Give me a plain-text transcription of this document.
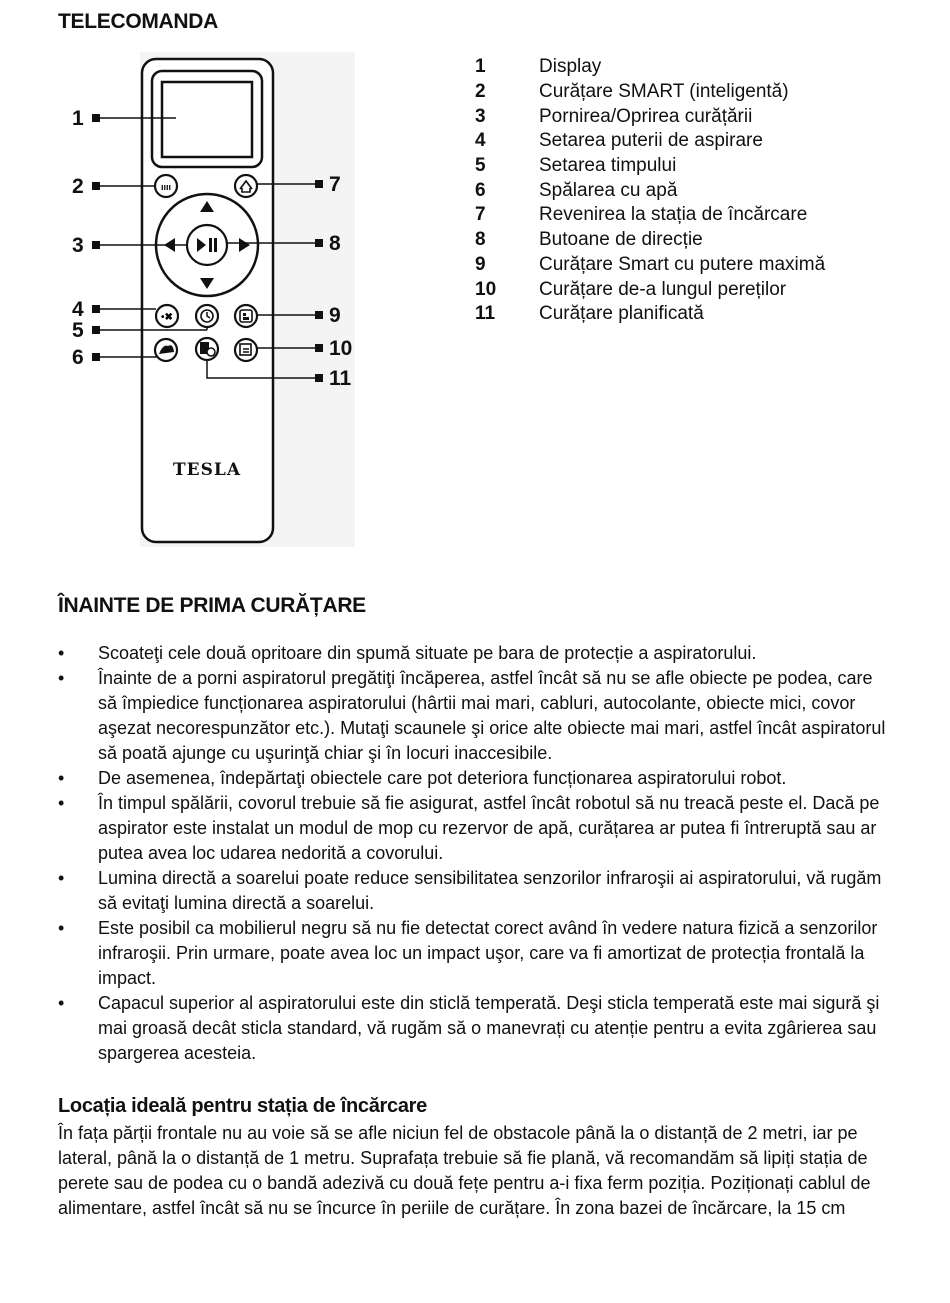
TELECOMANDA
ıııı
•✖
TESLA
1
2
3
4
5
6
7
8
9
10
11
1	Display
2	Curățare SMART (inteligentă)
3	Pornirea/Oprirea curățării
4	Setarea puterii de aspirare
5	Setarea timpului
6	Spălarea cu apă
7	Revenirea la stația de încărcare
8	Butoane de direcție
9	Curățare Smart cu putere maximă
10	Curățare de-a lungul pereților
11	Curățare planificată
ÎNAINTE DE PRIMA CURĂȚARE
• Scoateţi cele două opritoare din spumă situate pe bara de protecție a aspiratorului.
• Înainte de a porni aspiratorul pregătiţi încăperea, astfel încât să nu se afle obiecte pe podea, care să împiedice funcționarea aspiratorului (hârtii mai mari, cabluri, autocolante, obiecte mici, covor aşezat necorespunzător etc.). Mutaţi scaunele şi orice alte obiecte mai mari, astfel încât aspiratorul să poată ajunge cu uşurinţă chiar şi în locuri inaccesibile.
• De asemenea, îndepărtaţi obiectele care pot deteriora funcționarea aspiratorului robot.
• În timpul spălării, covorul trebuie să fie asigurat, astfel încât robotul să nu treacă peste el. Dacă pe aspirator este instalat un modul de mop cu rezervor de apă, curățarea ar putea fi întreruptă sau ar putea avea loc udarea nedorită a covorului.
• Lumina directă a soarelui poate reduce sensibilitatea senzorilor infraroşii ai aspiratorului, vă rugăm să evitaţi lumina directă a soarelui.
• Este posibil ca mobilierul negru să nu fie detectat corect având în vedere natura fizică a senzorilor infraroşii. Prin urmare, poate avea loc un impact uşor, care va fi amortizat de protecția frontală la impact.
• Capacul superior al aspiratorului este din sticlă temperată. Deşi sticla temperată este mai sigură şi mai groasă decât sticla standard, vă rugăm să o manevrați cu atenție pentru a evita zgârierea sau spargerea acesteia.
Locația ideală pentru stația de încărcare

În fața părții frontale nu au voie să se afle niciun fel de obstacole până la o distanță de 2 metri, iar pe lateral, până la o distanță de 1 metru. Suprafața trebuie să fie plană, vă recomandăm să lipiți stația de perete sau de podea cu o bandă adezivă cu două fețe pentru a-i fixa ferm poziția. Poziționați cablul de alimentare, astfel încât să nu se încurce în periile de curățare. În zona bazei de încărcare, la 15 cm
